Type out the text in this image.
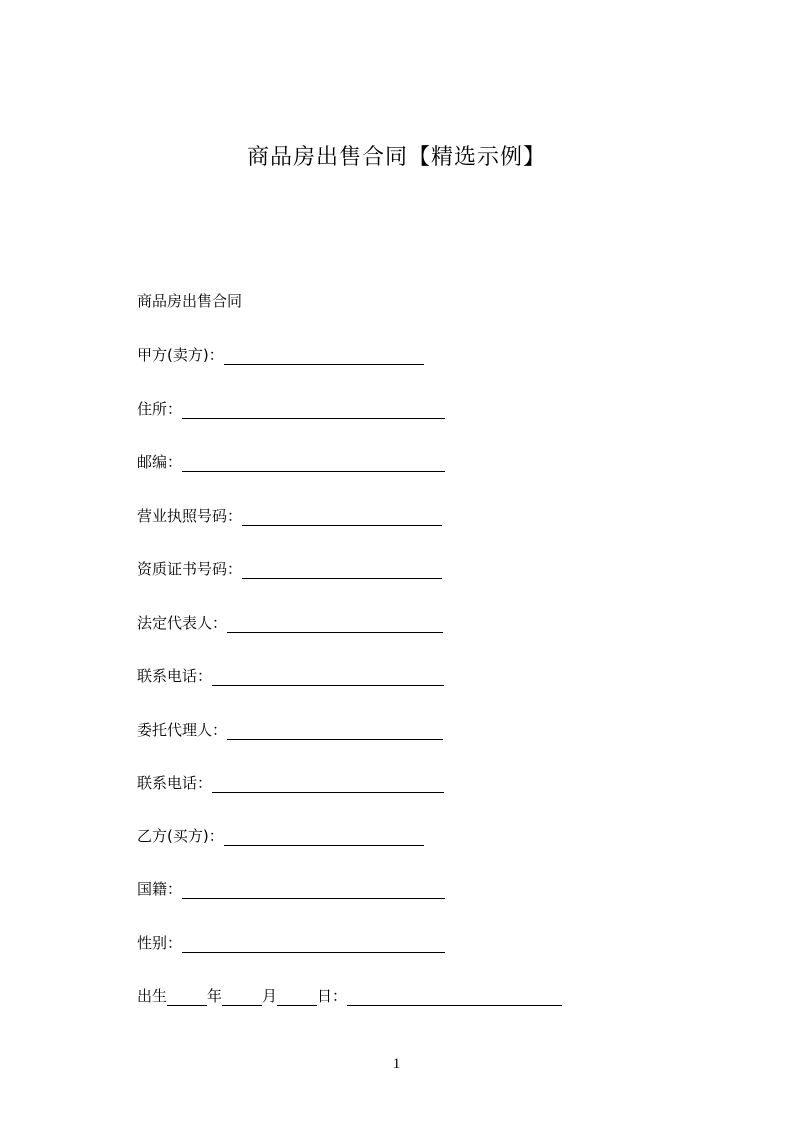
商品房出售合同【精选示例】
商品房出售合同
甲方(卖方)：
住所：
邮编：
营业执照号码：
资质证书号码：
法定代表人：
联系电话：
委托代理人：
联系电话：
乙方(买方)：
国籍：
性别：
出生	年	月	日：
1
